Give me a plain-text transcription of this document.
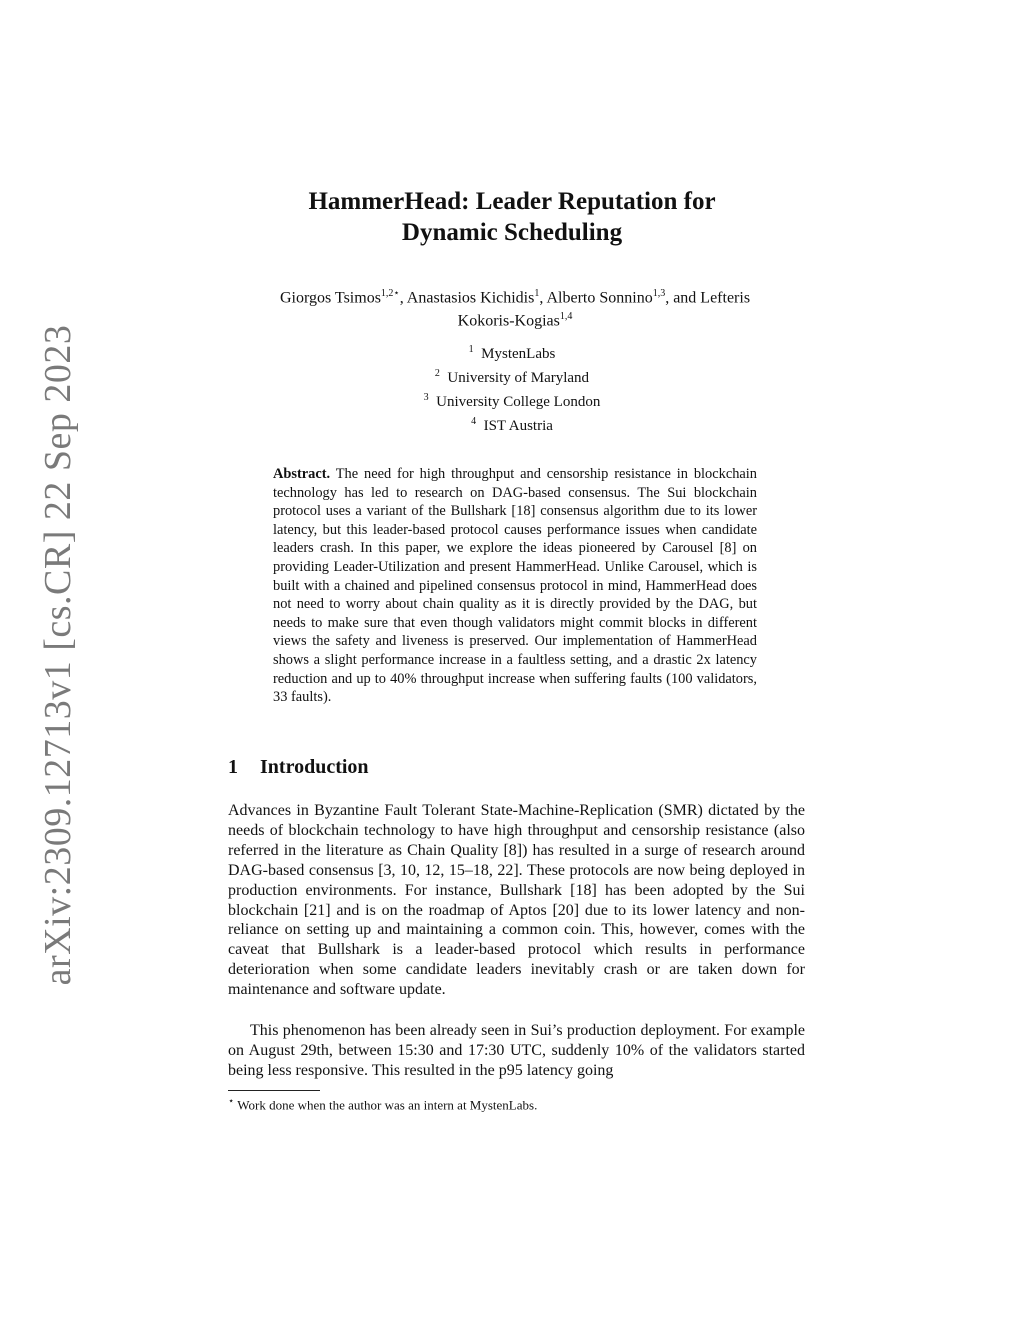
arXiv:2309.12713v1 [cs.CR] 22 Sep 2023
HammerHead: Leader Reputation for
Dynamic Scheduling
Giorgos Tsimos$^{1,2⋆}$, Anastasios Kichidis$^1$, Alberto Sonnino$^{1,3}$, and Lefteris
Kokoris-Kogias$^{1,4}$
$^1$ MystenLabs
$^2$ University of Maryland
$^3$ University College London
$^4$ IST Austria
Abstract. The need for high throughput and censorship resistance in blockchain technology has led to research on DAG-based consensus. The Sui blockchain protocol uses a variant of the Bullshark [18] consensus algorithm due to its lower latency, but this leader-based protocol causes performance issues when candidate leaders crash. In this paper, we explore the ideas pioneered by Carousel [8] on providing Leader-Utilization and present HammerHead. Unlike Carousel, which is built with a chained and pipelined consensus protocol in mind, HammerHead does not need to worry about chain quality as it is directly provided by the DAG, but needs to make sure that even though validators might commit blocks in different views the safety and liveness is preserved. Our implementation of HammerHead shows a slight performance increase in a faultless setting, and a drastic 2x latency reduction and up to 40% throughput increase when suffering faults (100 validators, 33 faults).
1 Introduction

Advances in Byzantine Fault Tolerant State-Machine-Replication (SMR) dictated by the needs of blockchain technology to have high throughput and censorship resistance (also referred in the literature as Chain Quality [8]) has resulted in a surge of research around DAG-based consensus [3, 10, 12, 15–18, 22]. These protocols are now being deployed in production environments. For instance, Bullshark [18] has been adopted by the Sui blockchain [21] and is on the roadmap of Aptos [20] due to its lower latency and non-reliance on setting up and maintaining a common coin. This, however, comes with the caveat that Bullshark is a leader-based protocol which results in performance deterioration when some candidate leaders inevitably crash or are taken down for maintenance and software update.

This phenomenon has been already seen in Sui’s production deployment. For example on August 29th, between 15:30 and 17:30 UTC, suddenly 10% of the validators started being less responsive. This resulted in the p95 latency going

⋆ Work done when the author was an intern at MystenLabs.
